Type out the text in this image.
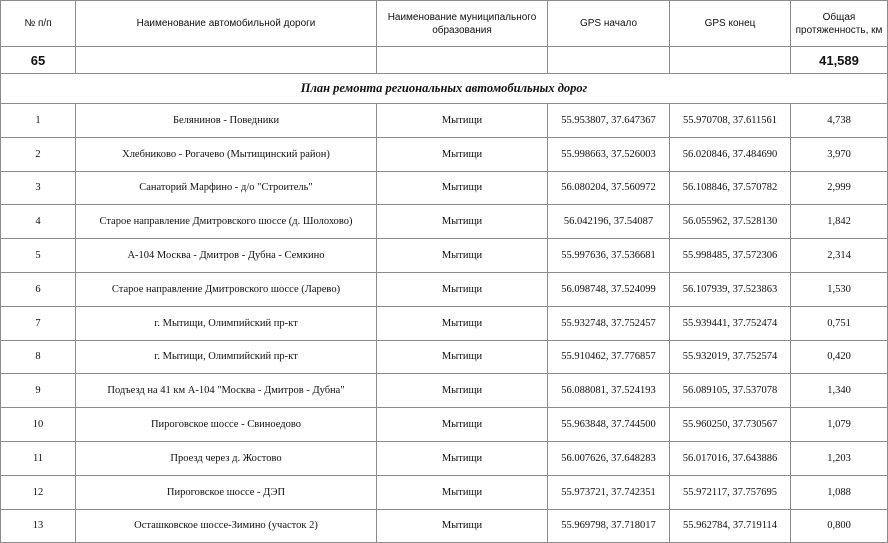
№ п/п	Наименование автомобильной дороги	Наименование муниципального образования	GPS начало	GPS конец	Общая протяженность, км
65					41,589
План ремонта региональных автомобильных дорог					
1	Белянинов - Поведники	Мытищи	55.953807, 37.647367	55.970708, 37.611561	4,738
2	Хлебниково - Рогачево (Мытищинский район)	Мытищи	55.998663, 37.526003	56.020846, 37.484690	3,970
3	Санаторий Марфино - д/о "Строитель"	Мытищи	56.080204, 37.560972	56.108846, 37.570782	2,999
4	Старое направление Дмитровского шоссе (д. Шолохово)	Мытищи	56.042196, 37.54087	56.055962, 37.528130	1,842
5	А-104 Москва - Дмитров - Дубна - Семкино	Мытищи	55.997636, 37.536681	55.998485, 37.572306	2,314
6	Старое направление Дмитровского шоссе (Ларево)	Мытищи	56.098748, 37.524099	56.107939, 37.523863	1,530
7	г. Мытищи, Олимпийский пр-кт	Мытищи	55.932748, 37.752457	55.939441, 37.752474	0,751
8	г. Мытищи, Олимпийский пр-кт	Мытищи	55.910462, 37.776857	55.932019, 37.752574	0,420
9	Подъезд на 41 км А-104 "Москва - Дмитров - Дубна"	Мытищи	56.088081, 37.524193	56.089105, 37.537078	1,340
10	Пироговское шоссе - Свиноедово	Мытищи	55.963848, 37.744500	55.960250, 37.730567	1,079
11	Проезд через д. Жостово	Мытищи	56.007626, 37.648283	56.017016, 37.643886	1,203
12	Пироговское шоссе - ДЭП	Мытищи	55.973721, 37.742351	55.972117, 37.757695	1,088
13	Осташковское шоссе-Зимино (участок 2)	Мытищи	55.969798, 37.718017	55.962784, 37.719114	0,800
